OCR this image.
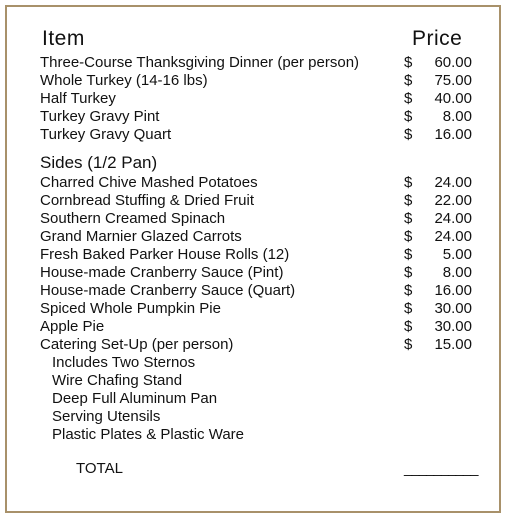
Item	Price
Three-Course Thanksgiving Dinner (per person)	$ 60.00
Whole Turkey (14-16 lbs)	$ 75.00
Half Turkey	$ 40.00
Turkey Gravy Pint	$ 8.00
Turkey Gravy Quart	$ 16.00
Sides (1/2 Pan)
Charred Chive Mashed Potatoes	$ 24.00
Cornbread Stuffing & Dried Fruit	$ 22.00
Southern Creamed Spinach	$ 24.00
Grand Marnier Glazed Carrots	$ 24.00
Fresh Baked Parker House Rolls (12)	$ 5.00
House-made Cranberry Sauce (Pint)	$ 8.00
House-made Cranberry Sauce (Quart)	$ 16.00
Spiced Whole Pumpkin Pie	$ 30.00
Apple Pie	$ 30.00
Catering Set-Up (per person)	$ 15.00
Includes Two Sternos
Wire Chafing Stand
Deep Full Aluminum Pan
Serving Utensils
Plastic Plates & Plastic Ware
TOTAL	__________
